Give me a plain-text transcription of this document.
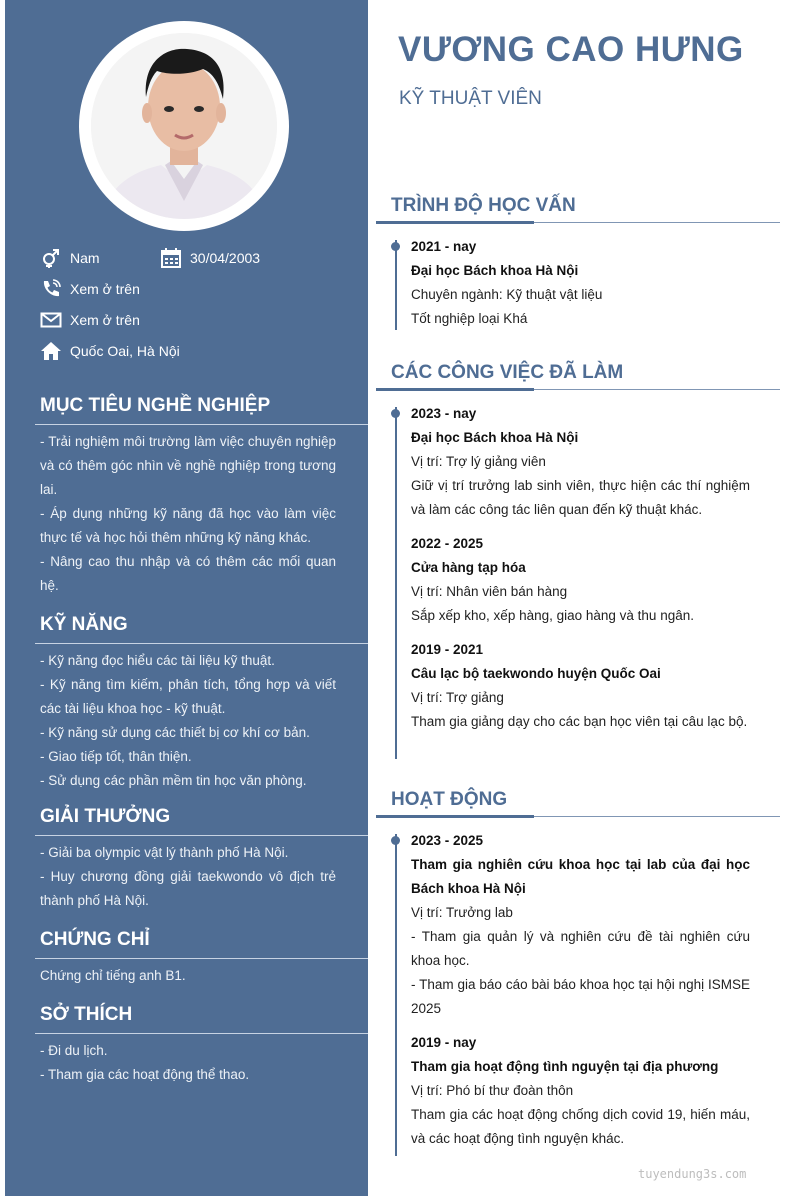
Nam	30/04/2003
Xem ở trên
Xem ở trên
Quốc Oai, Hà Nội
MỤC TIÊU NGHỀ NGHIỆP

- Trải nghiệm môi trường làm việc chuyên nghiệp và có thêm góc nhìn về nghề nghiệp trong tương lai.

- Áp dụng những kỹ năng đã học vào làm việc thực tế và học hỏi thêm những kỹ năng khác.

- Nâng cao thu nhập và có thêm các mối quan hệ.

KỸ NĂNG

- Kỹ năng đọc hiểu các tài liệu kỹ thuật.

- Kỹ năng tìm kiếm, phân tích, tổng hợp và viết các tài liệu khoa học - kỹ thuật.

- Kỹ năng sử dụng các thiết bị cơ khí cơ bản.

- Giao tiếp tốt, thân thiện.

- Sử dụng các phần mềm tin học văn phòng.

GIẢI THƯỞNG

- Giải ba olympic vật lý thành phố Hà Nội.

- Huy chương đồng giải taekwondo vô địch trẻ thành phố Hà Nội.

CHỨNG CHỈ

Chứng chỉ tiếng anh B1.

SỞ THÍCH

- Đi du lịch.

- Tham gia các hoạt động thể thao.

VƯƠNG CAO HƯNG
KỸ THUẬT VIÊN
TRÌNH ĐỘ HỌC VẤN

2021 - nay

Đại học Bách khoa Hà Nội

Chuyên ngành: Kỹ thuật vật liệu

Tốt nghiệp loại Khá

CÁC CÔNG VIỆC ĐÃ LÀM

2023 - nay

Đại học Bách khoa Hà Nội

Vị trí: Trợ lý giảng viên

Giữ vị trí trưởng lab sinh viên, thực hiện các thí nghiệm và làm các công tác liên quan đến kỹ thuật khác.

2022 - 2025

Cửa hàng tạp hóa

Vị trí: Nhân viên bán hàng

Sắp xếp kho, xếp hàng, giao hàng và thu ngân.

2019 - 2021

Câu lạc bộ taekwondo huyện Quốc Oai

Vị trí: Trợ giảng

Tham gia giảng dạy cho các bạn học viên tại câu lạc bộ.

HOẠT ĐỘNG

2023 - 2025

Tham gia nghiên cứu khoa học tại lab của đại học Bách khoa Hà Nội

Vị trí: Trưởng lab

- Tham gia quản lý và nghiên cứu đề tài nghiên cứu khoa học.

- Tham gia báo cáo bài báo khoa học tại hội nghị ISMSE 2025

2019 - nay

Tham gia hoạt động tình nguyện tại địa phương

Vị trí: Phó bí thư đoàn thôn

Tham gia các hoạt động chống dịch covid 19, hiến máu, và các hoạt động tình nguyện khác.

tuyendung3s.com
